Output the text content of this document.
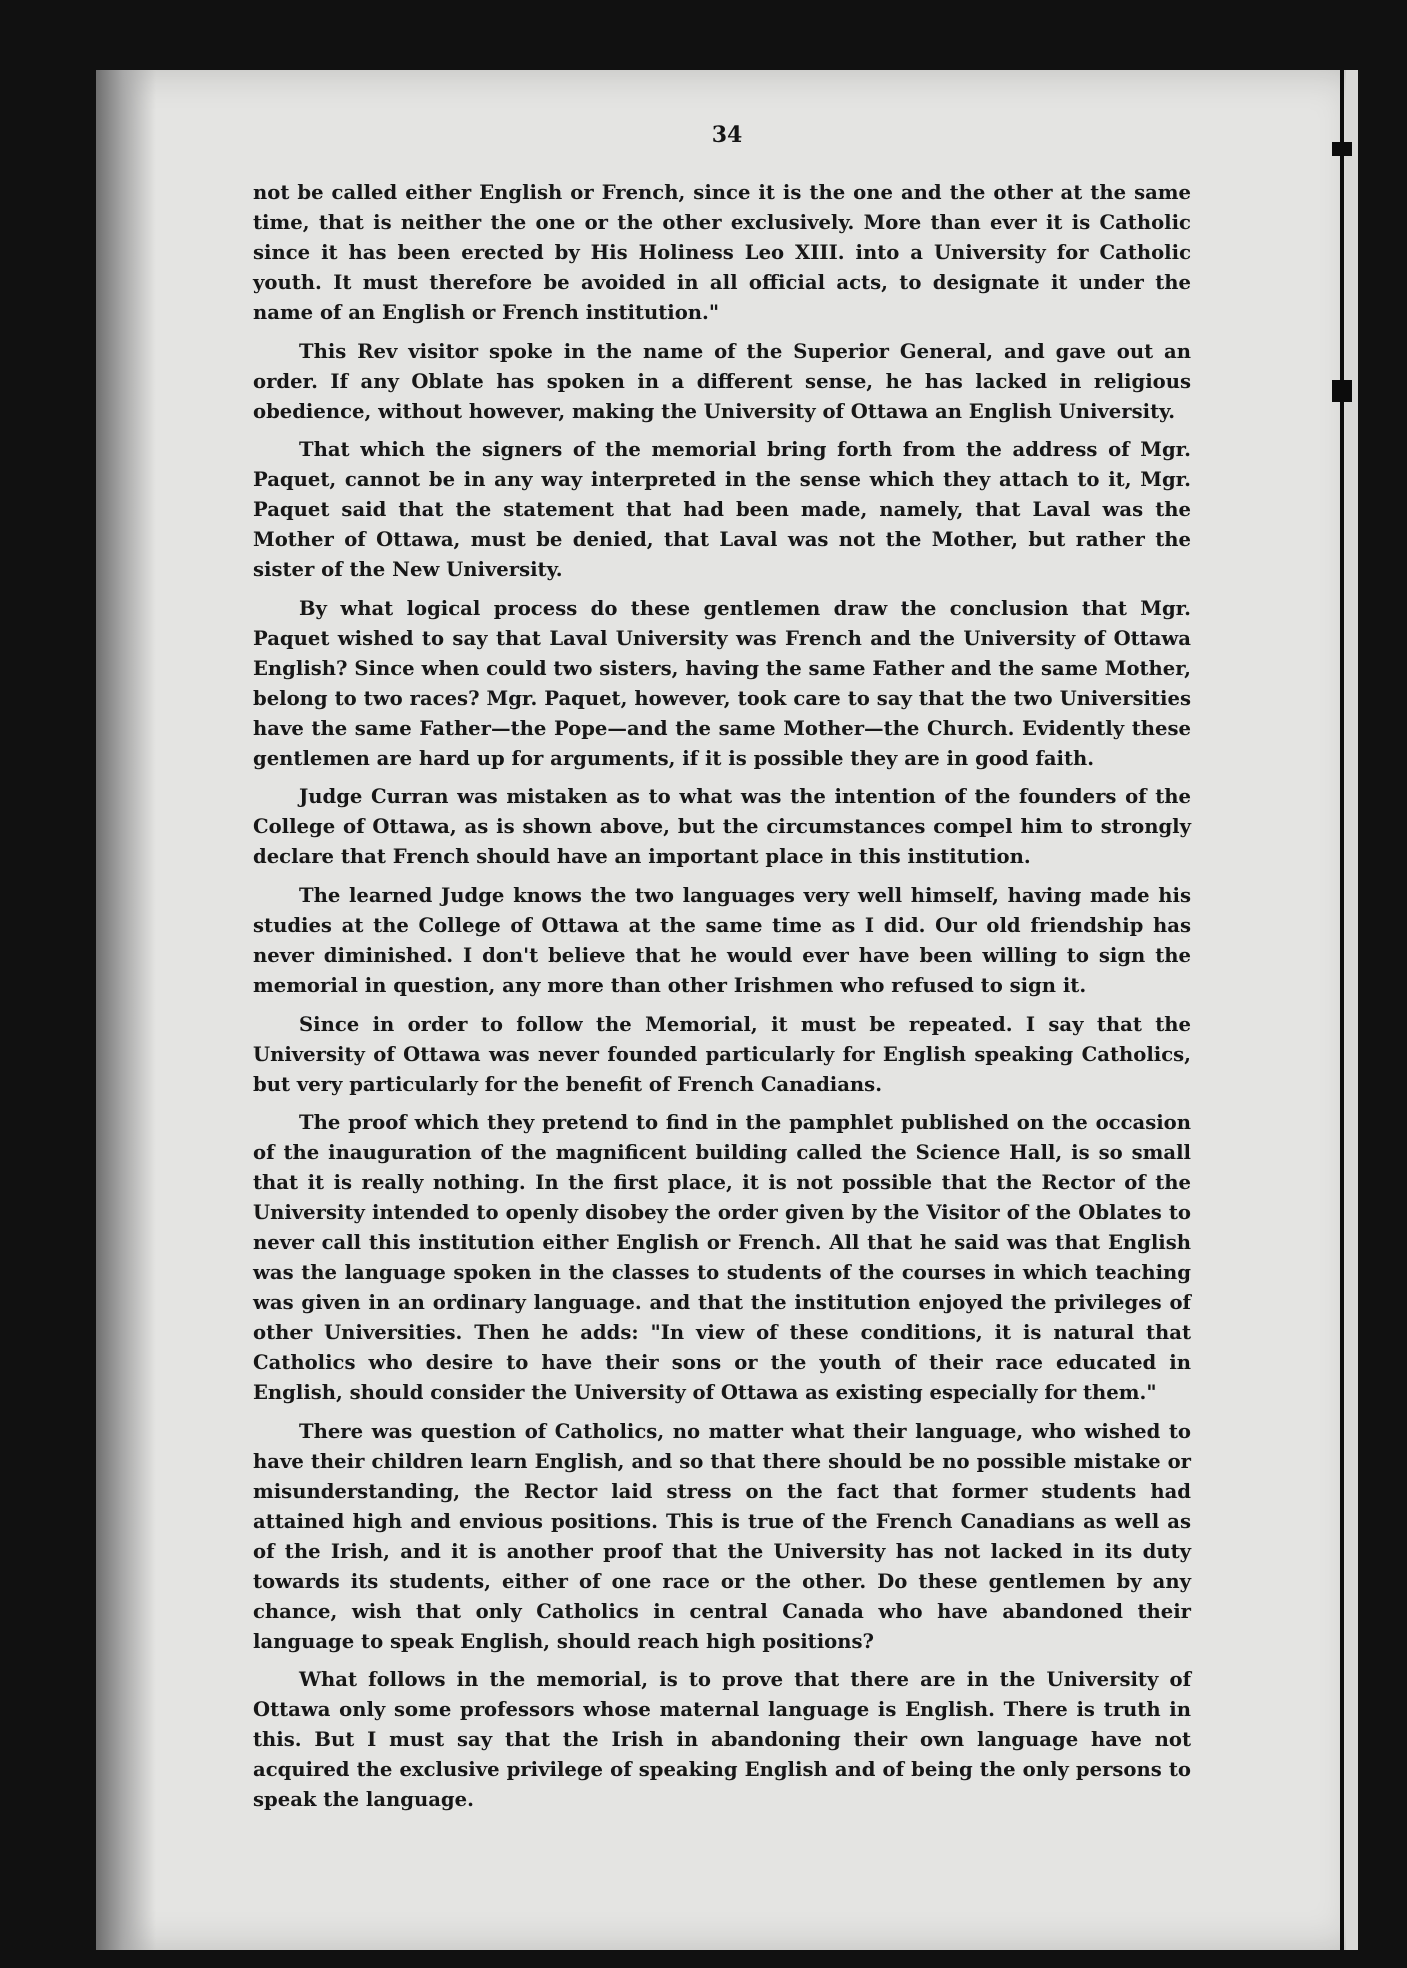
34

not be called either English or French, since it is the one and the other at the same time, that is neither the one or the other exclusively. More than ever it is Catholic since it has been erected by His Holiness Leo XIII. into a University for Catholic youth. It must therefore be avoided in all official acts, to designate it under the name of an English or French institution."

This Rev visitor spoke in the name of the Superior General, and gave out an order. If any Oblate has spoken in a different sense, he has lacked in religious obedience, without however, making the University of Ottawa an English University.

That which the signers of the memorial bring forth from the address of Mgr. Paquet, cannot be in any way interpreted in the sense which they attach to it, Mgr. Paquet said that the statement that had been made, namely, that Laval was the Mother of Ottawa, must be denied, that Laval was not the Mother, but rather the sister of the New University.

By what logical process do these gentlemen draw the conclusion that Mgr. Paquet wished to say that Laval University was French and the University of Ottawa English? Since when could two sisters, having the same Father and the same Mother, belong to two races? Mgr. Paquet, however, took care to say that the two Universities have the same Father—the Pope—and the same Mother—the Church. Evidently these gentlemen are hard up for arguments, if it is possible they are in good faith.

Judge Curran was mistaken as to what was the intention of the founders of the College of Ottawa, as is shown above, but the circumstances compel him to strongly declare that French should have an important place in this institution.

The learned Judge knows the two languages very well himself, having made his studies at the College of Ottawa at the same time as I did. Our old friendship has never diminished. I don't believe that he would ever have been willing to sign the memorial in question, any more than other Irishmen who refused to sign it.

Since in order to follow the Memorial, it must be repeated. I say that the University of Ottawa was never founded particularly for English speaking Catholics, but very particularly for the benefit of French Canadians.

The proof which they pretend to find in the pamphlet published on the occasion of the inauguration of the magnificent building called the Science Hall, is so small that it is really nothing. In the first place, it is not possible that the Rector of the University intended to openly disobey the order given by the Visitor of the Oblates to never call this institution either English or French. All that he said was that English was the language spoken in the classes to students of the courses in which teaching was given in an ordinary language. and that the institution enjoyed the privileges of other Universities. Then he adds: "In view of these conditions, it is natural that Catholics who desire to have their sons or the youth of their race educated in English, should consider the University of Ottawa as existing especially for them."

There was question of Catholics, no matter what their language, who wished to have their children learn English, and so that there should be no possible mistake or misunderstanding, the Rector laid stress on the fact that former students had attained high and envious positions. This is true of the French Canadians as well as of the Irish, and it is another proof that the University has not lacked in its duty towards its students, either of one race or the other. Do these gentlemen by any chance, wish that only Catholics in central Canada who have abandoned their language to speak English, should reach high positions?

What follows in the memorial, is to prove that there are in the University of Ottawa only some professors whose maternal language is English. There is truth in this. But I must say that the Irish in abandoning their own language have not acquired the exclusive privilege of speaking English and of being the only persons to speak the language.
